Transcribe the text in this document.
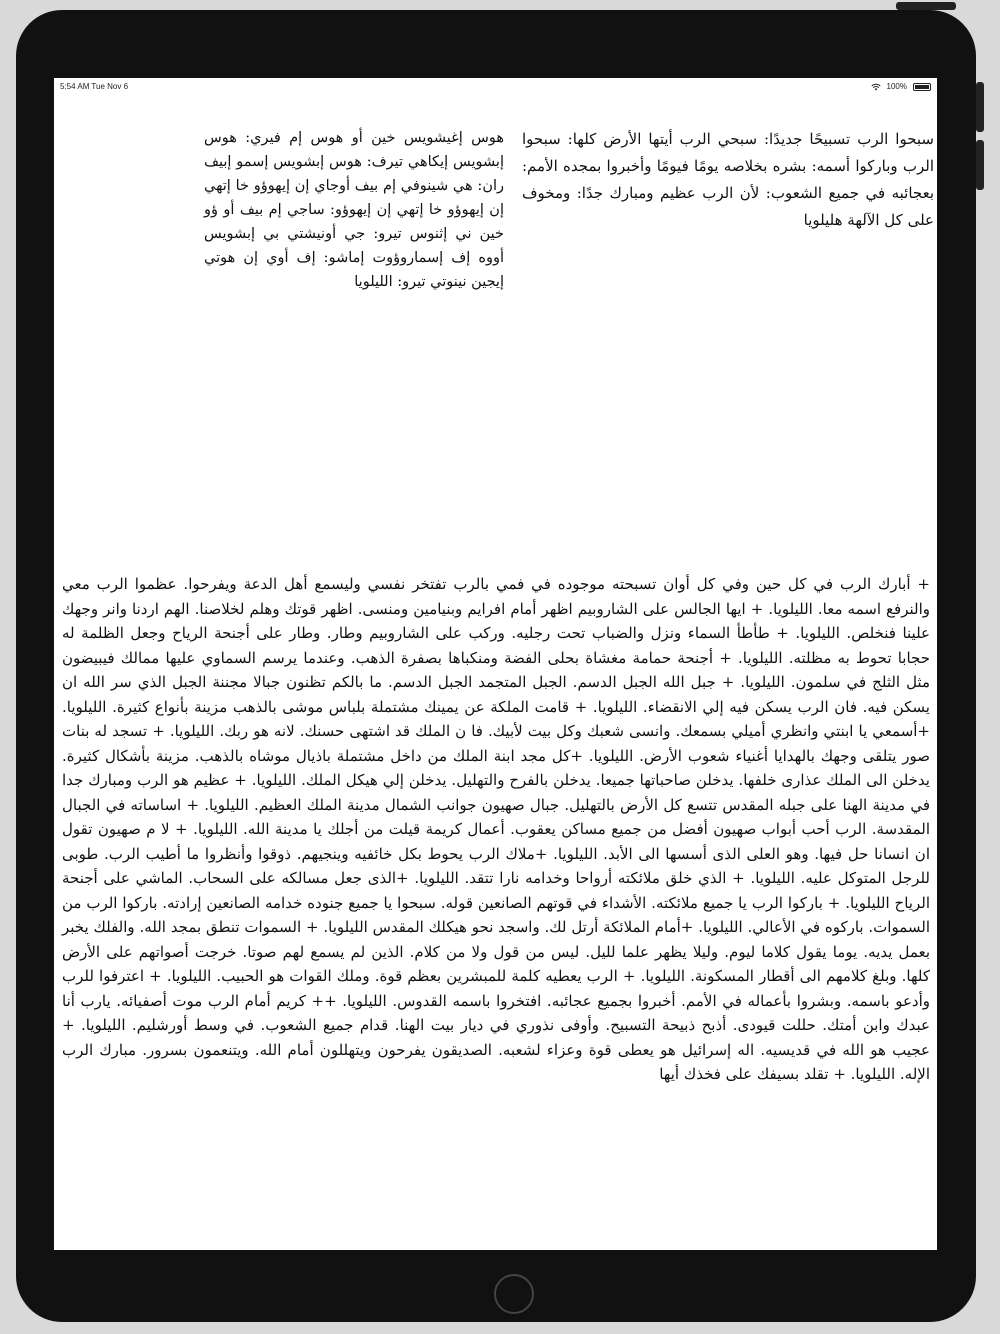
5:54 AM Tue Nov 6	100%
سبحوا الرب تسبيحًا جديدًا: سبحي الرب أيتها الأرض كلها: سبحوا الرب وباركوا أسمه: بشره بخلاصه يومًا فيومًا وأخبروا بمجده الأمم: بعجائبه في جميع الشعوب: لأن الرب عظيم ومبارك جدًا: ومخوف على كل الآلهة هليلويا
هوس إغيشويس خين أو هوس إم فيري: هوس إبشويس إيكاهي تيرف: هوس إبشويس إسمو إبيف ران: هي شينوفي إم بيف أوجاي إن إيهوؤو خا إتهي إن إيهوؤو خا إتهي إن إيهوؤو: ساجي إم بيف أو ؤو خين ني إثنوس تيرو: جي أونيشتي بي إبشويس أووه إف إسماروؤوت إماشو: إف أوي إن هوتي إيجين نينوتي تيرو: الليلويا
+ أبارك الرب في كل حين وفي كل أوان تسبحته موجوده في فمي بالرب تفتخر نفسي وليسمع أهل الدعة ويفرحوا. عظموا الرب معي والنرفع اسمه معا. الليلويا. + ايها الجالس على الشاروبيم اظهر أمام افرايم وبنيامين ومنسى. اظهر قوتك وهلم لخلاصنا. الهم اردنا وانر وجهك علينا فنخلص. الليلويا. + طأطأ السماء ونزل والضباب تحت رجليه. وركب على الشاروبيم وطار. وطار على أجنحة الرياح وجعل الظلمة له حجابا تحوط به مظلته. الليلويا. + أجنحة حمامة مغشاة بحلى الفضة ومنكباها بصفرة الذهب. وعندما يرسم السماوي عليها ممالك فيبيضون مثل الثلج في سلمون. الليلويا. + جبل الله الجبل الدسم. الجبل المتجمد الجبل الدسم. ما بالكم تظنون جبالا مجننة الجبل الذي سر الله ان يسكن فيه. فان الرب يسكن فيه إلي الانقضاء. الليلويا. + قامت الملكة عن يمينك مشتملة بلباس موشى بالذهب مزينة بأنواع كثيرة. الليلويا. +أسمعي يا ابنتي وانظري أميلي بسمعك. وانسى شعبك وكل بيت لأبيك. فا ن الملك قد اشتهى حسنك. لانه هو ربك. الليلويا. + تسجد له بنات صور يتلقى وجهك بالهدايا أغنياء شعوب الأرض. الليلويا. +كل مجد ابنة الملك من داخل مشتملة باذيال موشاه بالذهب. مزينة بأشكال كثيرة. يدخلن الى الملك عذارى خلفها. يدخلن صاحباتها جميعا. يدخلن بالفرح والتهليل. يدخلن إلي هيكل الملك. الليلويا. + عظيم هو الرب ومبارك جدا في مدينة الهنا على جبله المقدس تتسع كل الأرض بالتهليل. جبال صهيون جوانب الشمال مدينة الملك العظيم. الليلويا. + اساساته في الجبال المقدسة. الرب أحب أبواب صهيون أفضل من جميع مساكن يعقوب. أعمال كريمة قيلت من أجلك يا مدينة الله. الليلويا. + لا م صهيون تقول ان انسانا حل فيها. وهو العلى الذى أسسها الى الأبد. الليلويا. +ملاك الرب يحوط بكل خائفيه وينجيهم. ذوقوا وأنظروا ما أطيب الرب. طوبى للرجل المتوكل عليه. الليلويا. + الذي خلق ملائكته أرواحا وخدامه نارا تتقد. الليلويا. +الذى جعل مسالكه على السحاب. الماشي على أجنحة الرياح الليلويا. + باركوا الرب يا جميع ملائكته. الأشداء في قوتهم الصانعين قوله. سبحوا يا جميع جنوده خدامه الصانعين إرادته. باركوا الرب من السموات. باركوه في الأعالي. الليلويا. +أمام الملائكة أرتل لك. واسجد نحو هيكلك المقدس الليلويا. + السموات تنطق بمجد الله. والفلك يخبر بعمل يديه. يوما يقول كلاما ليوم. وليلا يظهر علما لليل. ليس من قول ولا من كلام. الذين لم يسمع لهم صوتا. خرجت أصواتهم على الأرض كلها. وبلغ كلامهم الى أقطار المسكونة. الليلويا. + الرب يعطيه كلمة للمبشرين بعظم قوة. وملك القوات هو الحبيب. الليلويا. + اعترفوا للرب وأدعو باسمه. وبشروا بأعماله في الأمم. أخبروا بجميع عجائبه. افتخروا باسمه القدوس. الليلويا. ++ كريم أمام الرب موت أصفيائه. يارب أنا عبدك وابن أمتك. حللت قيودى. أذبح ذبيحة التسبيح. وأوفى نذوري في ديار بيت الهنا. قدام جميع الشعوب. في وسط أورشليم. الليلويا. + عجيب هو الله في قديسيه. اله إسرائيل هو يعطى قوة وعزاء لشعبه. الصديقون يفرحون ويتهللون أمام الله. ويتنعمون بسرور. مبارك الرب الإله. الليلويا. + تقلد بسيفك على فخذك أيها
